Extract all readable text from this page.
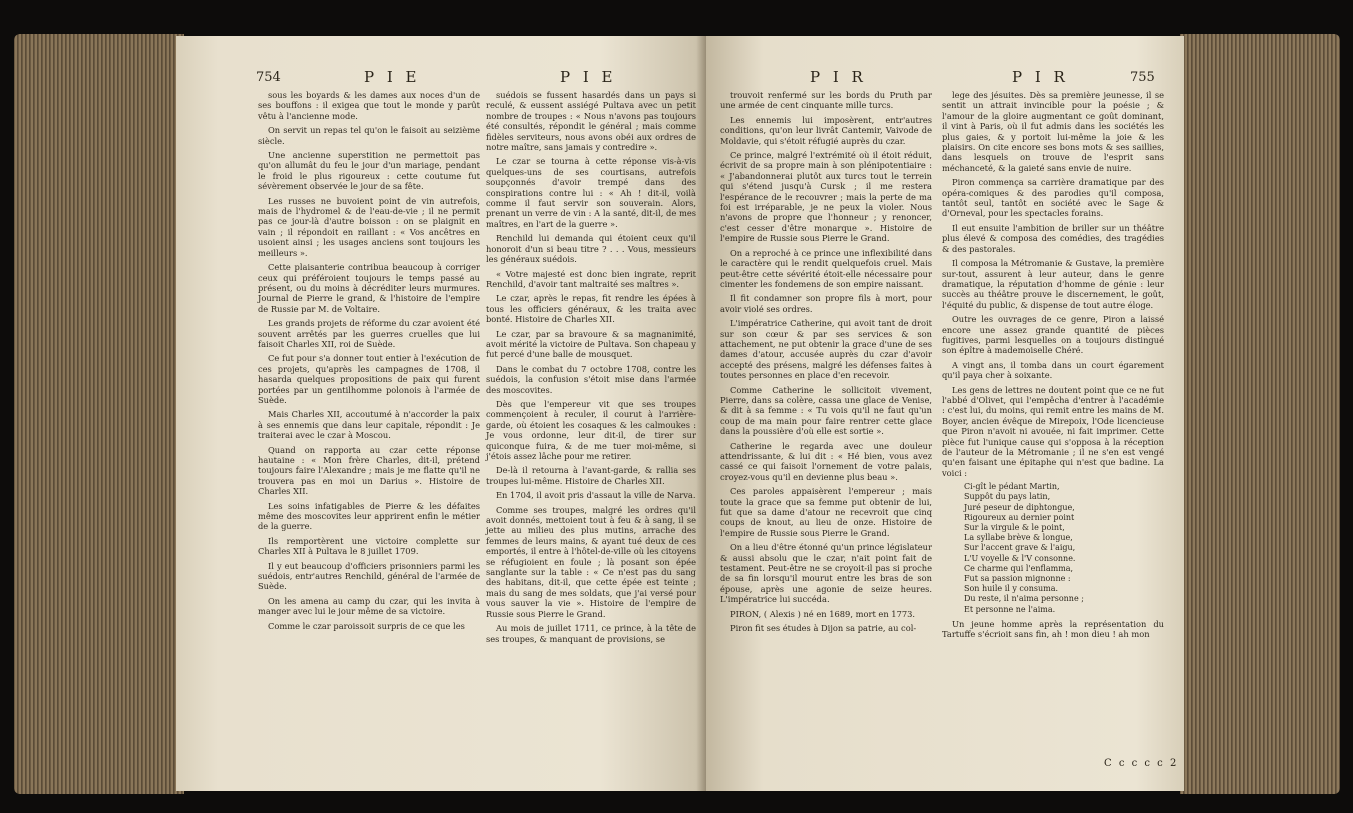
754	P I E	P I E

sous les boyards & les dames aux noces d'un de ses bouffons : il exigea que tout le monde y parût vêtu à l'ancienne mode.

On servit un repas tel qu'on le faisoit au seizième siècle.

Une ancienne superstition ne permettoit pas qu'on allumât du feu le jour d'un mariage, pendant le froid le plus rigoureux : cette coutume fut sévèrement observée le jour de sa fête.

Les russes ne buvoient point de vin autrefois, mais de l'hydromel & de l'eau-de-vie ; il ne permit pas ce jour-là d'autre boisson : on se plaignit en vain ; il répondoit en raillant : « Vos ancêtres en usoient ainsi ; les usages anciens sont toujours les meilleurs ».

Cette plaisanterie contribua beaucoup à corriger ceux qui préféroient toujours le temps passé au présent, ou du moins à décréditer leurs murmures. Journal de Pierre le grand, & l'histoire de l'empire de Russie par M. de Voltaire.

Les grands projets de réforme du czar avoient été souvent arrêtés par les guerres cruelles que lui faisoit Charles XII, roi de Suède.

Ce fut pour s'a donner tout entier à l'exécution de ces projets, qu'après les campagnes de 1708, il hasarda quelques propositions de paix qui furent portées par un gentilhomme polonois à l'armée de Suède.

Mais Charles XII, accoutumé à n'accorder la paix à ses ennemis que dans leur capitale, répondit : Je traiterai avec le czar à Moscou.

Quand on rapporta au czar cette réponse hautaine : « Mon frère Charles, dit-il, prétend toujours faire l'Alexandre ; mais je me flatte qu'il ne trouvera pas en moi un Darius ». Histoire de Charles XII.

Les soins infatigables de Pierre & les défaites même des moscovites leur apprirent enfin le métier de la guerre.

Ils remportèrent une victoire complette sur Charles XII à Pultava le 8 juillet 1709.

Il y eut beaucoup d'officiers prisonniers parmi les suédois, entr'autres Renchild, général de l'armée de Suède.

On les amena au camp du czar, qui les invita à manger avec lui le jour même de sa victoire.

Comme le czar paroissoit surpris de ce que les

suédois se fussent hasardés dans un pays si reculé, & eussent assiégé Pultava avec un petit nombre de troupes : « Nous n'avons pas toujours été consultés, répondit le général ; mais comme fidèles serviteurs, nous avons obéi aux ordres de notre maître, sans jamais y contredire ».

Le czar se tourna à cette réponse vis-à-vis quelques-uns de ses courtisans, autrefois soupçonnés d'avoir trempé dans des conspirations contre lui : « Ah ! dit-il, voilà comme il faut servir son souverain. Alors, prenant un verre de vin : A la santé, dit-il, de mes maîtres, en l'art de la guerre ».

Renchild lui demanda qui étoient ceux qu'il honoroit d'un si beau titre ? . . . Vous, messieurs les généraux suédois.

« Votre majesté est donc bien ingrate, reprit Renchild, d'avoir tant maltraité ses maîtres ».

Le czar, après le repas, fit rendre les épées à tous les officiers généraux, & les traita avec bonté. Histoire de Charles XII.

Le czar, par sa bravoure & sa magnanimité, avoit mérité la victoire de Pultava. Son chapeau y fut percé d'une balle de mousquet.

Dans le combat du 7 octobre 1708, contre les suédois, la confusion s'étoit mise dans l'armée des moscovites.

Dès que l'empereur vit que ses troupes commençoient à reculer, il courut à l'arrière-garde, où étoient les cosaques & les calmoukes : Je vous ordonne, leur dit-il, de tirer sur quiconque fuira, & de me tuer moi-même, si j'étois assez lâche pour me retirer.

De-là il retourna à l'avant-garde, & rallia ses troupes lui-même. Histoire de Charles XII.

En 1704, il avoit pris d'assaut la ville de Narva.

Comme ses troupes, malgré les ordres qu'il avoit donnés, mettoient tout à feu & à sang, il se jette au milieu des plus mutins, arrache des femmes de leurs mains, & ayant tué deux de ces emportés, il entre à l'hôtel-de-ville où les citoyens se réfugioient en foule ; là posant son épée sanglante sur la table : « Ce n'est pas du sang des habitans, dit-il, que cette épée est teinte ; mais du sang de mes soldats, que j'ai versé pour vous sauver la vie ». Histoire de l'empire de Russie sous Pierre le Grand.

Au mois de juillet 1711, ce prince, à la tête de ses troupes, & manquant de provisions, se

P I R	P I R	755

trouvoit renfermé sur les bords du Pruth par une armée de cent cinquante mille turcs.

Les ennemis lui imposèrent, entr'autres conditions, qu'on leur livrât Cantemir, Vaivode de Moldavie, qui s'étoit réfugié auprès du czar.

Ce prince, malgré l'extrémité où il étoit réduit, écrivit de sa propre main à son plénipotentiaire : « J'abandonnerai plutôt aux turcs tout le terrein qui s'étend jusqu'à Cursk ; il me restera l'espérance de le recouvrer ; mais la perte de ma foi est irréparable, je ne peux la violer. Nous n'avons de propre que l'honneur ; y renoncer, c'est cesser d'être monarque ». Histoire de l'empire de Russie sous Pierre le Grand.

On a reproché à ce prince une inflexibilité dans le caractère qui le rendit quelquefois cruel. Mais peut-être cette sévérité étoit-elle nécessaire pour cimenter les fondemens de son empire naissant.

Il fit condamner son propre fils à mort, pour avoir violé ses ordres.

L'impératrice Catherine, qui avoit tant de droit sur son cœur & par ses services & son attachement, ne put obtenir la grace d'une de ses dames d'atour, accusée auprès du czar d'avoir accepté des présens, malgré les défenses faites à toutes personnes en place d'en recevoir.

Comme Catherine le sollicitoit vivement, Pierre, dans sa colère, cassa une glace de Venise, & dit à sa femme : « Tu vois qu'il ne faut qu'un coup de ma main pour faire rentrer cette glace dans la poussière d'où elle est sortie ».

Catherine le regarda avec une douleur attendrissante, & lui dit : « Hé bien, vous avez cassé ce qui faisoit l'ornement de votre palais, croyez-vous qu'il en devienne plus beau ».

Ces paroles appaisèrent l'empereur ; mais toute la grace que sa femme put obtenir de lui, fut que sa dame d'atour ne recevroit que cinq coups de knout, au lieu de onze. Histoire de l'empire de Russie sous Pierre le Grand.

On a lieu d'être étonné qu'un prince législateur & aussi absolu que le czar, n'ait point fait de testament. Peut-être ne se croyoit-il pas si proche de sa fin lorsqu'il mourut entre les bras de son épouse, après une agonie de seize heures. L'impératrice lui succéda.

PIRON, ( Alexis ) né en 1689, mort en 1773.

Piron fit ses études à Dijon sa patrie, au col-

lege des jésuites. Dès sa première jeunesse, il se sentit un attrait invincible pour la poésie ; & l'amour de la gloire augmentant ce goût dominant, il vint à Paris, où il fut admis dans les sociétés les plus gaies, & y portoit lui-même la joie & les plaisirs. On cite encore ses bons mots & ses saillies, dans lesquels on trouve de l'esprit sans méchanceté, & la gaieté sans envie de nuire.

Piron commença sa carrière dramatique par des opéra-comiques & des parodies qu'il composa, tantôt seul, tantôt en société avec le Sage & d'Orneval, pour les spectacles forains.

Il eut ensuite l'ambition de briller sur un théâtre plus élevé & composa des comédies, des tragédies & des pastorales.

Il composa la Métromanie & Gustave, la première sur-tout, assurent à leur auteur, dans le genre dramatique, la réputation d'homme de génie : leur succès au théâtre prouve le discernement, le goût, l'équité du public, & dispense de tout autre éloge.

Outre les ouvrages de ce genre, Piron a laissé encore une assez grande quantité de pièces fugitives, parmi lesquelles on a toujours distingué son épître à mademoiselle Chéré.

A vingt ans, il tomba dans un court égarement qu'il paya cher à soixante.

Les gens de lettres ne doutent point que ce ne fut l'abbé d'Olivet, qui l'empêcha d'entrer à l'académie : c'est lui, du moins, qui remit entre les mains de M. Boyer, ancien évêque de Mirepoix, l'Ode licencieuse que Piron n'avoit ni avouée, ni fait imprimer. Cette pièce fut l'unique cause qui s'opposa à la réception de l'auteur de la Métromanie ; il ne s'en est vengé qu'en faisant une épitaphe qui n'est que badine. La voici :

Ci-gît le pédant Martin,
Suppôt du pays latin,
Juré peseur de diphtongue,
Rigoureux au dernier point
Sur la virgule & le point,
La syllabe brève & longue,
Sur l'accent grave & l'aigu,
L'U voyelle & l'V consonne.
Ce charme qui l'enflamma,
Fut sa passion mignonne :
Son huile il y consuma.
Du reste, il n'aima personne ;
Et personne ne l'aima.

Un jeune homme après la représentation du Tartuffe s'écrioit sans fin, ah ! mon dieu ! ah mon

C c c c c 2
